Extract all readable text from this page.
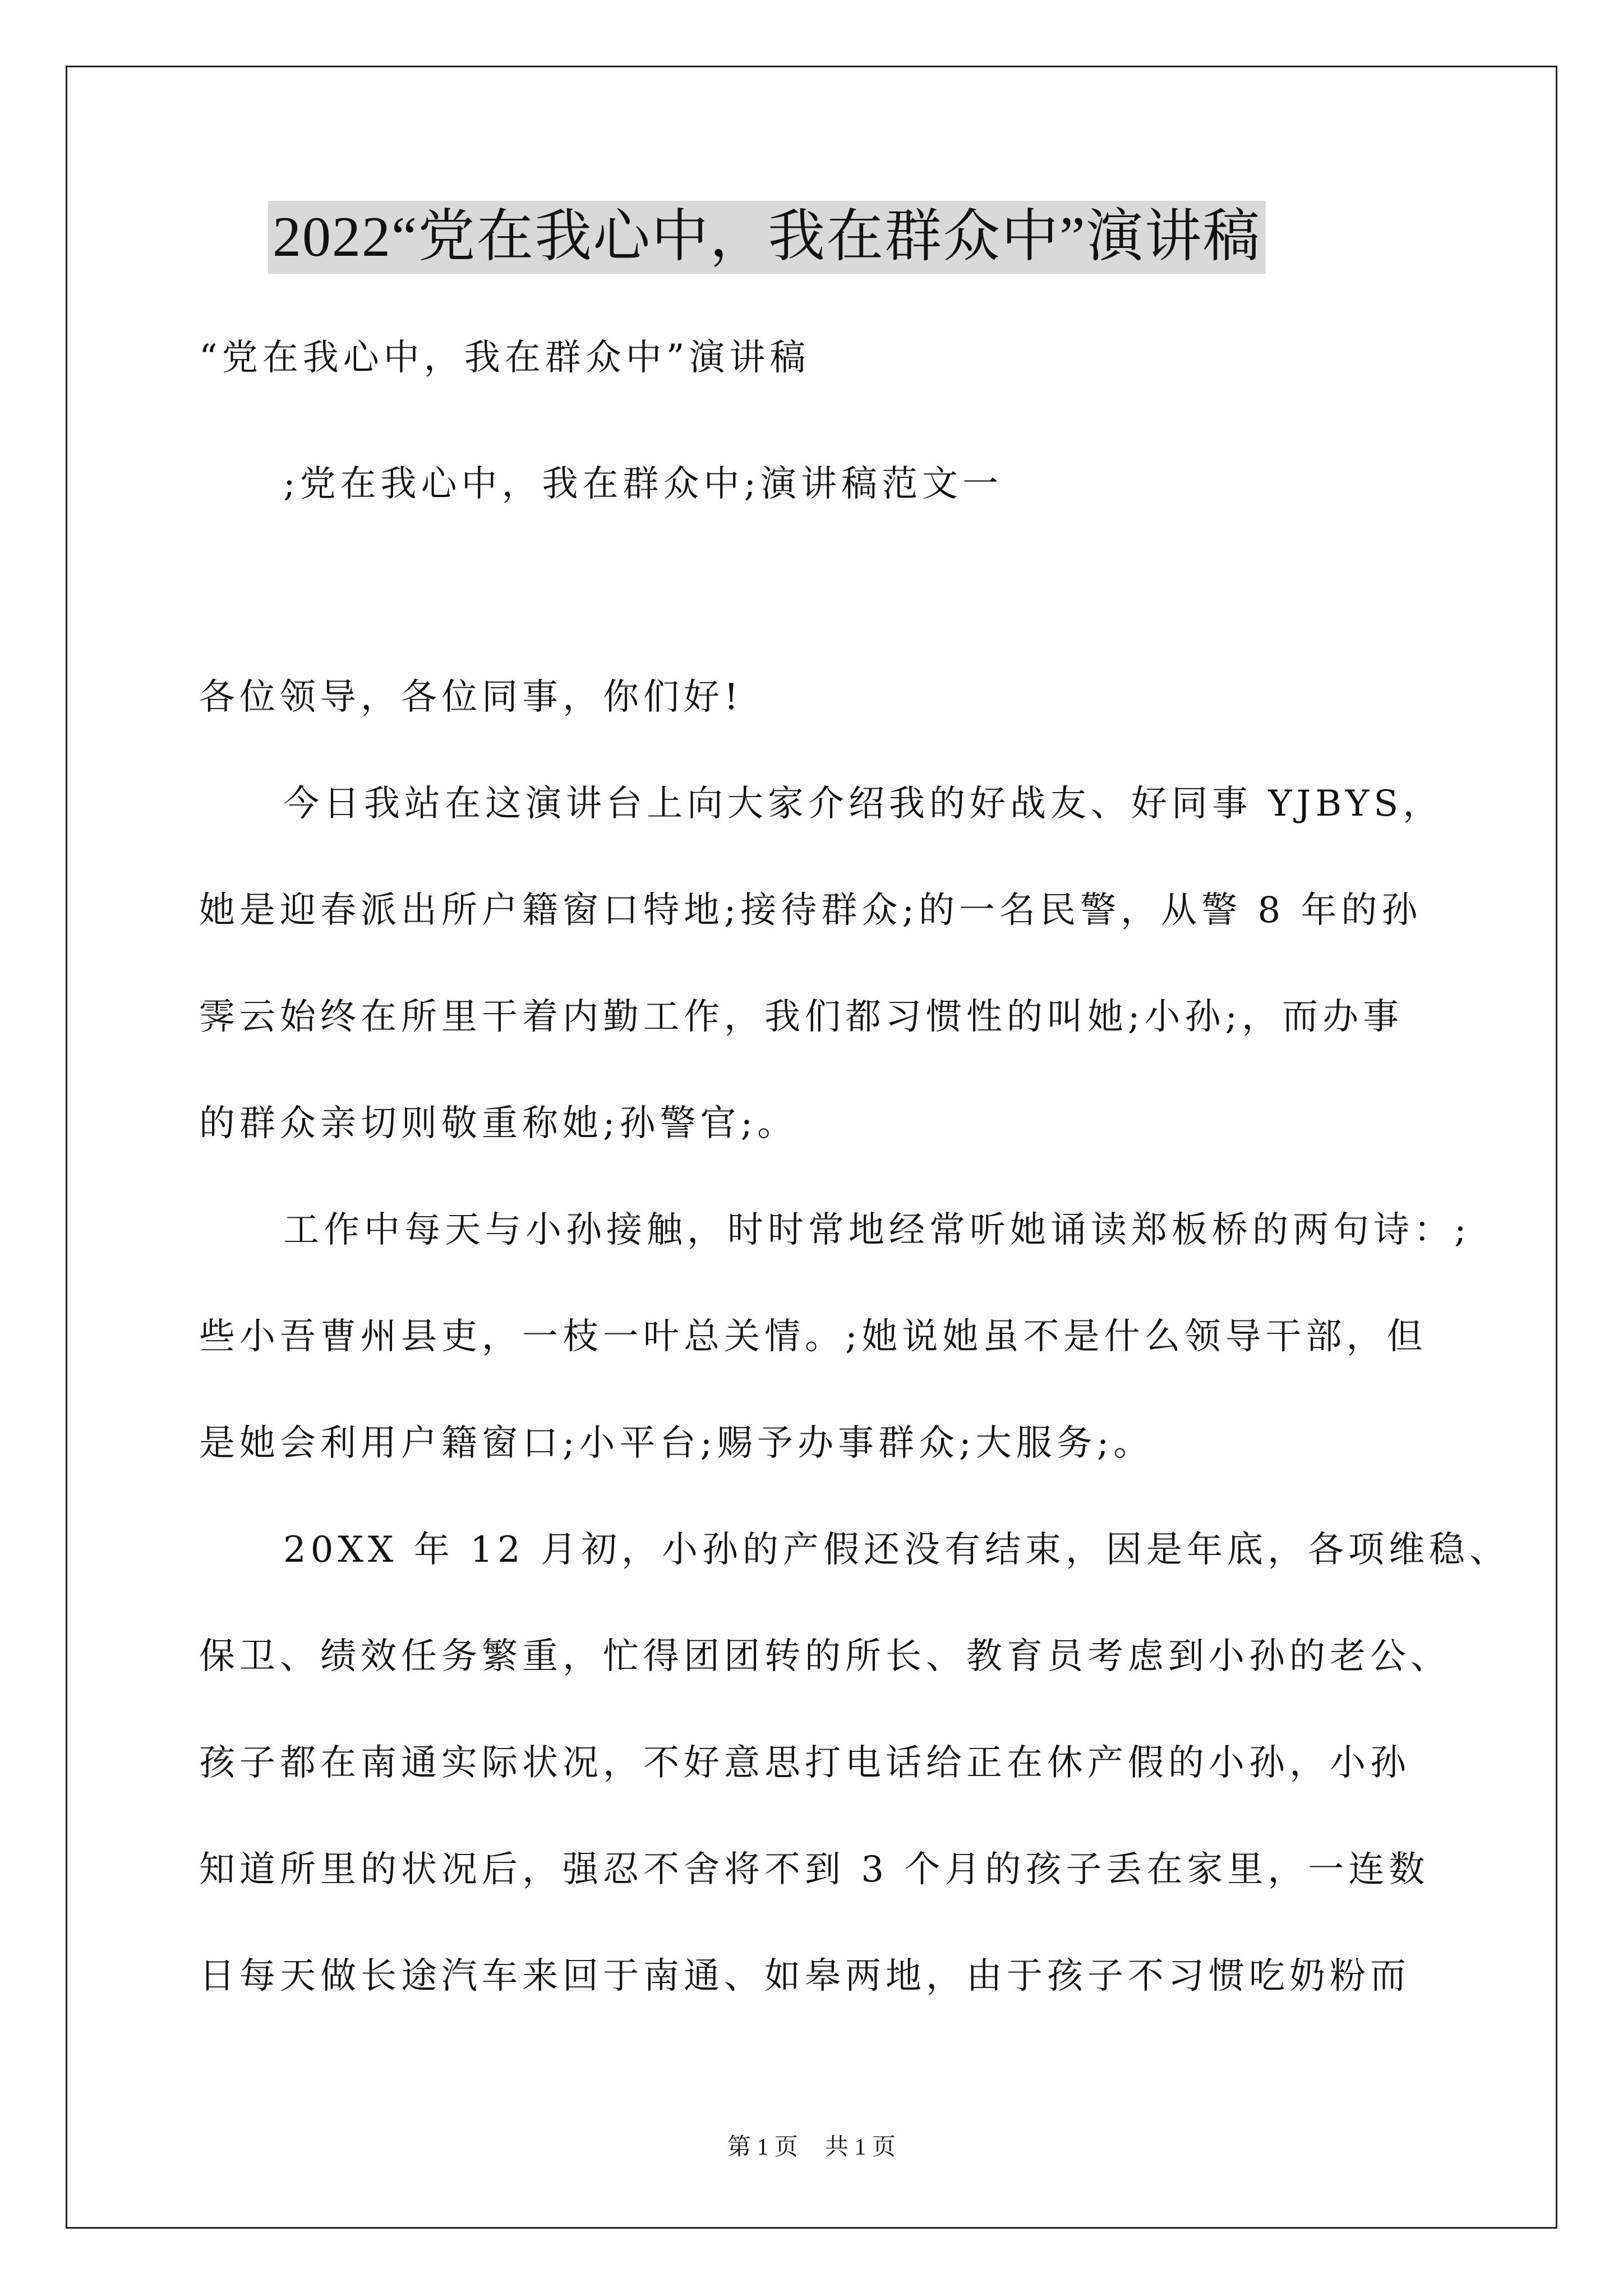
2022“党在我心中，我在群众中”演讲稿
“党在我心中，我在群众中”演讲稿
;党在我心中，我在群众中;演讲稿范文一
各位领导，各位同事，你们好!
今日我站在这演讲台上向大家介绍我的好战友、好同事 YJBYS，
她是迎春派出所户籍窗口特地;接待群众;的一名民警，从警 8 年的孙
霁云始终在所里干着内勤工作，我们都习惯性的叫她;小孙;，而办事
的群众亲切则敬重称她;孙警官;。
工作中每天与小孙接触，时时常地经常听她诵读郑板桥的两句诗：;
些小吾曹州县吏，一枝一叶总关情。;她说她虽不是什么领导干部，但
是她会利用户籍窗口;小平台;赐予办事群众;大服务;。
20XX 年 12 月初，小孙的产假还没有结束，因是年底，各项维稳、
保卫、绩效任务繁重，忙得团团转的所长、教育员考虑到小孙的老公、
孩子都在南通实际状况，不好意思打电话给正在休产假的小孙，小孙
知道所里的状况后，强忍不舍将不到 3 个月的孩子丢在家里，一连数
日每天做长途汽车来回于南通、如皋两地，由于孩子不习惯吃奶粉而
第 1 页 共 1 页
